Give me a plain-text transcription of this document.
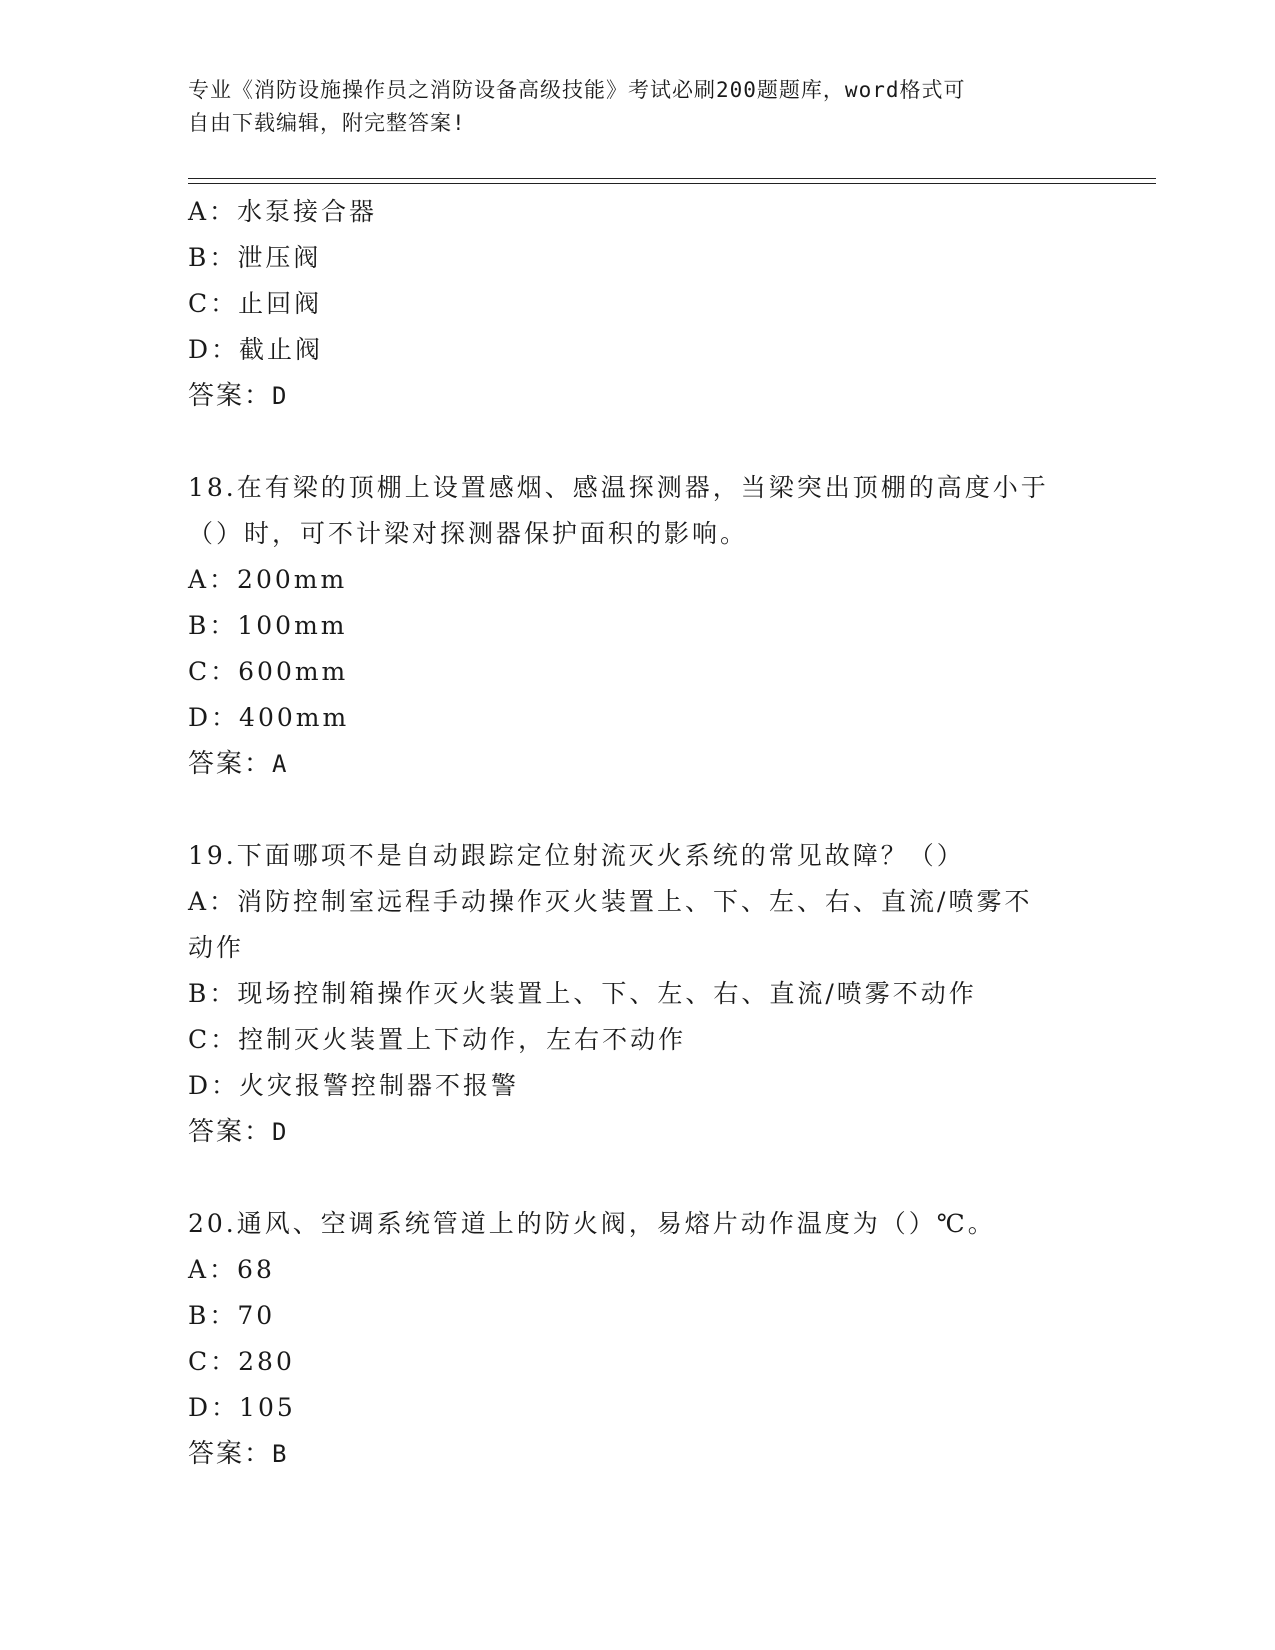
专业《消防设施操作员之消防设备高级技能》考试必刷200题题库，word格式可
自由下载编辑，附完整答案!
A：水泵接合器
B：泄压阀
C：止回阀
D：截止阀
答案：D
18.在有梁的顶棚上设置感烟、感温探测器，当梁突出顶棚的高度小于
（）时，可不计梁对探测器保护面积的影响。
A：200mm
B：100mm
C：600mm
D：400mm
答案：A
19.下面哪项不是自动跟踪定位射流灭火系统的常见故障？（）
A：消防控制室远程手动操作灭火装置上、下、左、右、直流/喷雾不
动作
B：现场控制箱操作灭火装置上、下、左、右、直流/喷雾不动作
C：控制灭火装置上下动作，左右不动作
D：火灾报警控制器不报警
答案：D
20.通风、空调系统管道上的防火阀，易熔片动作温度为（）℃。
A：68
B：70
C：280
D：105
答案：B
